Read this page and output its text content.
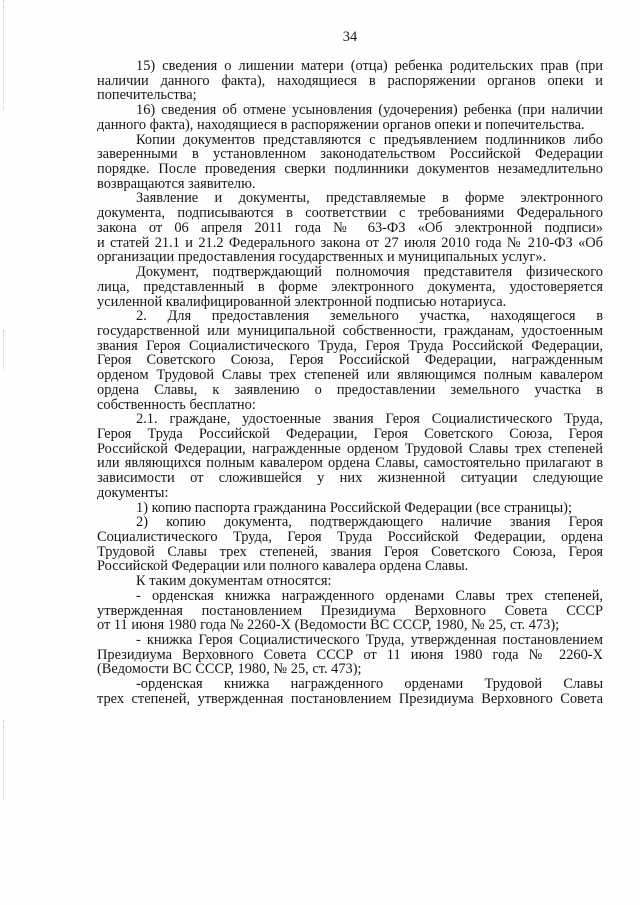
34
15) сведения о лишении матери (отца) ребенка родительских прав (при
наличии данного факта), находящиеся в распоряжении органов опеки и
попечительства;
16) сведения об отмене усыновления (удочерения) ребенка (при наличии
данного факта), находящиеся в распоряжении органов опеки и попечительства.
Копии документов представляются с предъявлением подлинников либо
заверенными в установленном законодательством Российской Федерации
порядке. После проведения сверки подлинники документов незамедлительно
возвращаются заявителю.
Заявление и документы, представляемые в форме электронного
документа, подписываются в соответствии с требованиями Федерального
закона от 06 апреля 2011 года № 63-ФЗ «Об электронной подписи»
и статей 21.1 и 21.2 Федерального закона от 27 июля 2010 года № 210-ФЗ «Об
организации предоставления государственных и муниципальных услуг».
Документ, подтверждающий полномочия представителя физического
лица, представленный в форме электронного документа, удостоверяется
усиленной квалифицированной электронной подписью нотариуса.
2. Для предоставления земельного участка, находящегося в
государственной или муниципальной собственности, гражданам, удостоенным
звания Героя Социалистического Труда, Героя Труда Российской Федерации,
Героя Советского Союза, Героя Российской Федерации, награжденным
орденом Трудовой Славы трех степеней или являющимся полным кавалером
ордена Славы, к заявлению о предоставлении земельного участка в
собственность бесплатно:
2.1. граждане, удостоенные звания Героя Социалистического Труда,
Героя Труда Российской Федерации, Героя Советского Союза, Героя
Российской Федерации, награжденные орденом Трудовой Славы трех степеней
или являющихся полным кавалером ордена Славы, самостоятельно прилагают в
зависимости от сложившейся у них жизненной ситуации следующие
документы:
1) копию паспорта гражданина Российской Федерации (все страницы);
2) копию документа, подтверждающего наличие звания Героя
Социалистического Труда, Героя Труда Российской Федерации, ордена
Трудовой Славы трех степеней, звания Героя Советского Союза, Героя
Российской Федерации или полного кавалера ордена Славы.
К таким документам относятся:
- орденская книжка награжденного орденами Славы трех степеней,
утвержденная постановлением Президиума Верховного Совета СССР
от 11 июня 1980 года № 2260-X (Ведомости ВС СССР, 1980, № 25, ст. 473);
- книжка Героя Социалистического Труда, утвержденная постановлением
Президиума Верховного Совета СССР от 11 июня 1980 года № 2260-X
(Ведомости ВС СССР, 1980, № 25, ст. 473);
-орденская книжка награжденного орденами Трудовой Славы
трех степеней, утвержденная постановлением Президиума Верховного Совета
